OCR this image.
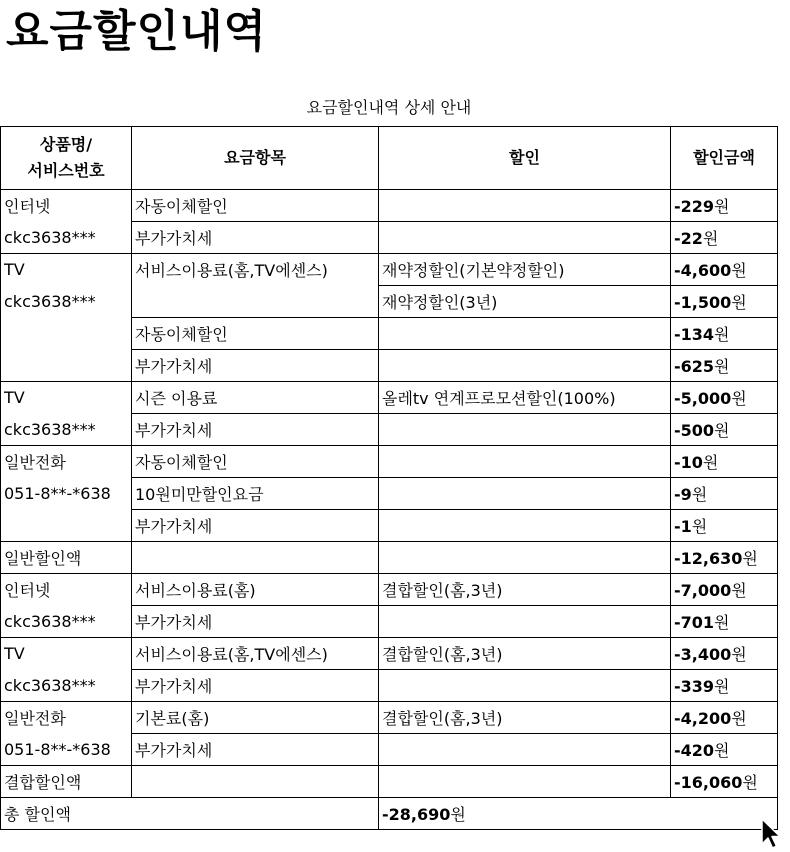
요금할인내역
요금할인내역 상세 안내
상품명/
서비스번호	요금항목	할인	할인금액
인터넷	자동이체할인		-229원
ckc3638***	부가가치세		-22원
TV	서비스이용료(홈,TV에센스)	재약정할인(기본약정할인)	-4,600원
ckc3638***		재약정할인(3년)	-1,500원
	자동이체할인		-134원
	부가가치세		-625원
TV	시즌 이용료	올레tv 연계프로모션할인(100%)	-5,000원
ckc3638***	부가가치세		-500원
일반전화	자동이체할인		-10원
051-8**-*638	10원미만할인요금		-9원
	부가가치세		-1원
일반할인액			-12,630원
인터넷	서비스이용료(홈)	결합할인(홈,3년)	-7,000원
ckc3638***	부가가치세		-701원
TV	서비스이용료(홈,TV에센스)	결합할인(홈,3년)	-3,400원
ckc3638***	부가가치세		-339원
일반전화	기본료(홈)	결합할인(홈,3년)	-4,200원
051-8**-*638	부가가치세		-420원
결합할인액			-16,060원
총 할인액		-28,690원	
